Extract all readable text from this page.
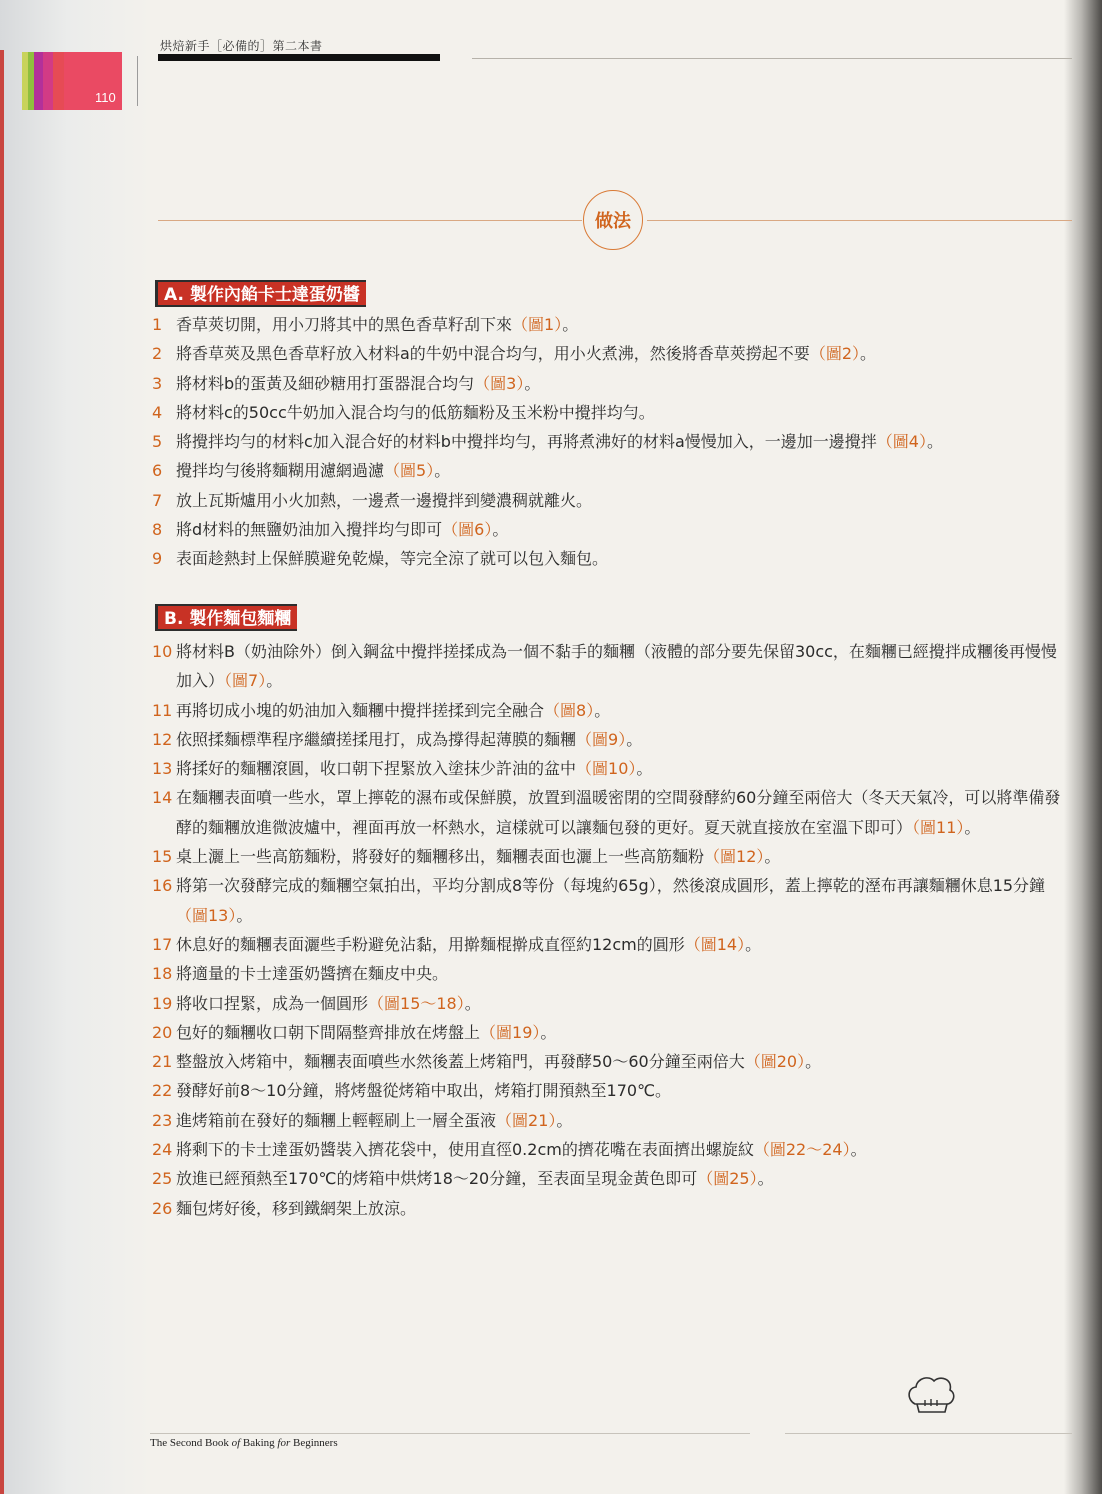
110
烘焙新手［必備的］第二本書
做法
A. 製作內餡卡士達蛋奶醬
1 香草莢切開，用小刀將其中的黑色香草籽刮下來（圖1）。
2 將香草莢及黑色香草籽放入材料a的牛奶中混合均勻，用小火煮沸，然後將香草莢撈起不要（圖2）。
3 將材料b的蛋黃及細砂糖用打蛋器混合均勻（圖3）。
4 將材料c的50cc牛奶加入混合均勻的低筋麵粉及玉米粉中攪拌均勻。
5 將攪拌均勻的材料c加入混合好的材料b中攪拌均勻，再將煮沸好的材料a慢慢加入，一邊加一邊攪拌（圖4）。
6 攪拌均勻後將麵糊用濾網過濾（圖5）。
7 放上瓦斯爐用小火加熱，一邊煮一邊攪拌到變濃稠就離火。
8 將d材料的無鹽奶油加入攪拌均勻即可（圖6）。
9 表面趁熱封上保鮮膜避免乾燥，等完全涼了就可以包入麵包。
B. 製作麵包麵糰
10 將材料B（奶油除外）倒入鋼盆中攪拌搓揉成為一個不黏手的麵糰（液體的部分要先保留30cc，在麵糰已經攪拌成糰後再慢慢加入）（圖7）。
11 再將切成小塊的奶油加入麵糰中攪拌搓揉到完全融合（圖8）。
12 依照揉麵標準程序繼續搓揉甩打，成為撐得起薄膜的麵糰（圖9）。
13 將揉好的麵糰滾圓，收口朝下捏緊放入塗抹少許油的盆中（圖10）。
14 在麵糰表面噴一些水，罩上擰乾的濕布或保鮮膜，放置到溫暖密閉的空間發酵約60分鐘至兩倍大（冬天天氣冷，可以將準備發酵的麵糰放進微波爐中，裡面再放一杯熱水，這樣就可以讓麵包發的更好。夏天就直接放在室溫下即可）（圖11）。
15 桌上灑上一些高筋麵粉，將發好的麵糰移出，麵糰表面也灑上一些高筋麵粉（圖12）。
16 將第一次發酵完成的麵糰空氣拍出，平均分割成8等份（每塊約65g），然後滾成圓形，蓋上擰乾的溼布再讓麵糰休息15分鐘（圖13）。
17 休息好的麵糰表面灑些手粉避免沾黏，用擀麵棍擀成直徑約12cm的圓形（圖14）。
18 將適量的卡士達蛋奶醬擠在麵皮中央。
19 將收口捏緊，成為一個圓形（圖15～18）。
20 包好的麵糰收口朝下間隔整齊排放在烤盤上（圖19）。
21 整盤放入烤箱中，麵糰表面噴些水然後蓋上烤箱門，再發酵50～60分鐘至兩倍大（圖20）。
22 發酵好前8～10分鐘，將烤盤從烤箱中取出，烤箱打開預熱至170℃。
23 進烤箱前在發好的麵糰上輕輕刷上一層全蛋液（圖21）。
24 將剩下的卡士達蛋奶醬裝入擠花袋中，使用直徑0.2cm的擠花嘴在表面擠出螺旋紋（圖22～24）。
25 放進已經預熱至170℃的烤箱中烘烤18～20分鐘，至表面呈現金黃色即可（圖25）。
26 麵包烤好後，移到鐵網架上放涼。
The Second Book of Baking for Beginners
